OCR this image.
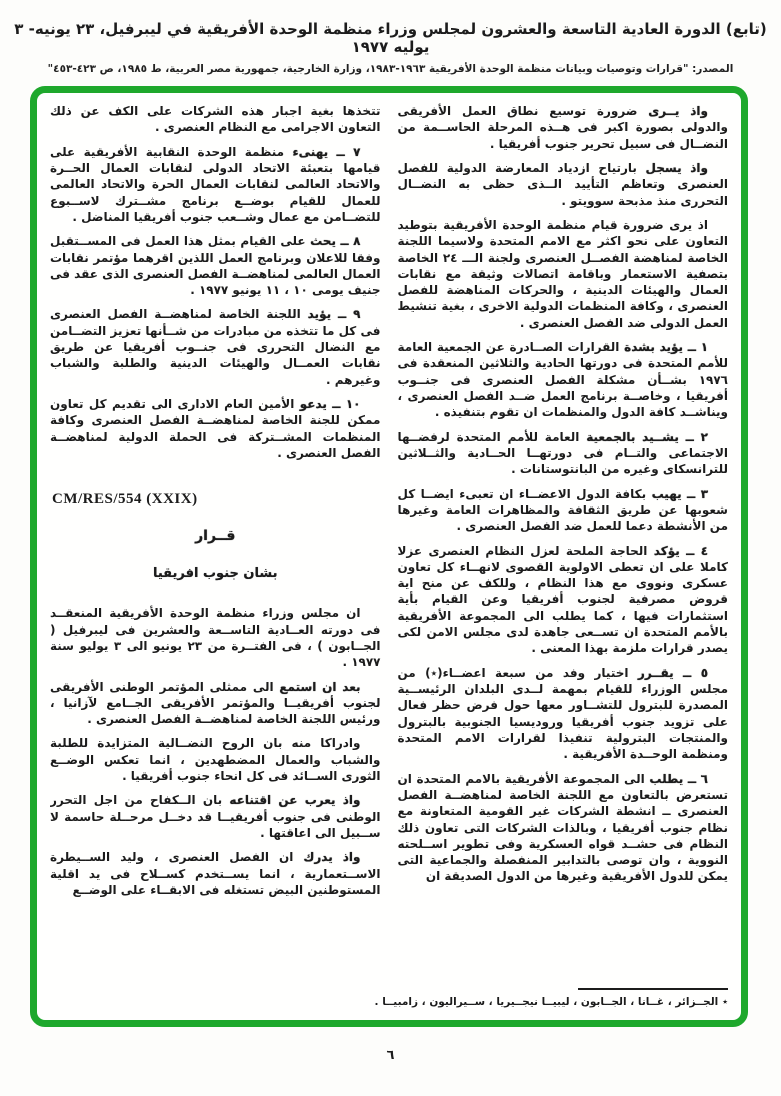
(تابع) الدورة العادية التاسعة والعشرون لمجلس وزراء منظمة الوحدة الأفريقية في ليبرفيل، ٢٣ يونيه- ٣ يوليه ١٩٧٧
المصدر: "قرارات وتوصيات وبيانات منظمة الوحدة الأفريقية ١٩٦٣-١٩٨٣، وزارة الخارجية، جمهورية مصر العربية، ط ١٩٨٥، ص ٤٢٣-٤٥٣"

واذ يــرى ضرورة توسيع نطاق العمل الأفريقى والدولى بصورة اكبر فى هــذه المرحلة الحاســمة من النضــال فى سبيل تحرير جنوب أفريقيا .

واذ يسجل بارتياح ازدياد المعارضة الدولية للفصل العنصرى وتعاظم التأييد الــذى حظى به النضــال التحررى منذ مذبحة سوويتو .

اذ يرى ضرورة قيام منظمة الوحدة الأفريقية بتوطيد التعاون على نحو اكثر مع الامم المتحدة ولاسيما اللجنة الخاصة لمناهضة الفصــل العنصرى ولجنة الـــ ٢٤ الخاصة بتصفية الاستعمار وباقامة اتصالات وثيقة مع نقابات العمال والهيئات الدينية ، والحركات المناهضة للفصل العنصرى ، وكافة المنظمات الدولية الاخرى ، بغية تنشيط العمل الدولى ضد الفصل العنصرى .

١ ــ يؤيد بشدة القرارات الصــادرة عن الجمعية العامة للأمم المتحدة فى دورتها الحادية والثلاثين المنعقدة فى ١٩٧٦ بشــأن مشكلة الفصل العنصرى فى جنــوب أفريقيا ، وخاصــة برنامج العمل ضــد الفصل العنصرى ، ويناشــد كافة الدول والمنظمات ان تقوم بتنفيذه .

٢ ــ يشــيد بالجمعية العامة للأمم المتحدة لرفضــها الاجتماعى والتــام فى دورتهــا الحــادية والثــلاثين للترانسكاى وغيره من البانتوستانات .

٣ ــ يهيب بكافة الدول الاعضــاء ان تعبىء ايضــا كل شعوبها عن طريق الثقافة والمظاهرات العامة وغيرها من الأنشطة دعما للعمل ضد الفصل العنصرى .

٤ ــ يؤكد الحاجة الملحة لعزل النظام العنصرى عزلا كاملا على ان تعطى الاولوية القصوى لانهــاء كل تعاون عسكرى ونووى مع هذا النظام ، وللكف عن منح اية قروض مصرفية لجنوب أفريقيا وعن القيام بأية استثمارات فيها ، كما يطلب الى المجموعة الأفريقية بالأمم المتحدة ان تســعى جاهدة لدى مجلس الامن لكى يصدر قرارات ملزمة بهذا المعنى .

٥ ــ يقــرر اختيار وفد من سبعة اعضــاء(٭) من مجلس الوزراء للقيام بمهمة لــدى البلدان الرئيســية المصدرة للبترول للتشــاور معها حول فرض حظر فعال على تزويد جنوب أفريقيا وروديسيا الجنوبية بالبترول والمنتجات البترولية تنفيذا لقرارات الامم المتحدة ومنظمة الوحــدة الأفريقية .

٦ ــ يطلب الى المجموعة الأفريقية بالامم المتحدة ان تستعرض بالتعاون مع اللجنة الخاصة لمناهضــة الفصل العنصرى ــ انشطة الشركات غير القومية المتعاونة مع نظام جنوب أفريقيا ، وبالذات الشركات التى تعاون ذلك النظام فى حشــد قواه العسكرية وفى تطوير اســلحته النووية ، وان توصى بالتدابير المنفصلة والجماعية التى يمكن للدول الأفريقية وغيرها من الدول الصديقة ان

تتخذها بغية اجبار هذه الشركات على الكف عن ذلك التعاون الاجرامى مع النظام العنصرى .

٧ ــ يهنىء منظمة الوحدة النقابية الأفريقية على قيامها بتعبئة الاتحاد الدولى لنقابات العمال الحــرة والاتحاد العالمى لنقابات العمال الحرة والاتحاد العالمى للعمال للقيام بوضــع برنامج مشــترك لاســبوع للتضــامن مع عمال وشــعب جنوب أفريقيا المناضل .

٨ ــ يحث على القيام بمثل هذا العمل فى المســتقبل وفقا للاعلان وبرنامج العمل اللذين اقرهما مؤتمر نقابات العمال العالمى لمناهضــة الفصل العنصرى الذى عقد فى جنيف يومى ١٠ ، ١١ يونيو ١٩٧٧ .

٩ ــ يؤيد اللجنة الخاصة لمناهضــة الفصل العنصرى فى كل ما تتخذه من مبادرات من شــأنها تعزيز التضــامن مع النضال التحررى فى جنــوب أفريقيا عن طريق نقابات العمــال والهيئات الدينية والطلبة والشباب وغيرهم .

١٠ ــ يدعو الأمين العام الادارى الى تقديم كل تعاون ممكن للجنة الخاصة لمناهضــة الفصل العنصرى وكافة المنظمات المشــتركة فى الحملة الدولية لمناهضــة الفصل العنصرى .

CM/RES/554 (XXIX)
قــرار
بشان جنوب افريقيا

ان مجلس وزراء منظمة الوحدة الأفريقية المنعقــد فى دورته العــادية التاســعة والعشرين فى ليبرفيل ( الجــابون ) ، فى الفتــرة من ٢٣ يونيو الى ٣ يوليو سنة ١٩٧٧ .

بعد ان استمع الى ممثلى المؤتمر الوطنى الأفريقى لجنوب أفريقيــا والمؤتمر الأفريقى الجــامع لآزانيا ، ورئيس اللجنة الخاصة لمناهضــة الفصل العنصرى .

وادراكا منه بان الروح النضــالية المتزايدة للطلبة والشباب والعمال المضطهدين ، انما تعكس الوضــع الثورى الســائد فى كل انحاء جنوب أفريقيا .

واذ يعرب عن اقتناعه بان الــكفاح من اجل التحرر الوطنى فى جنوب أفريقيــا قد دخــل مرحــلة حاسمة لا ســبيل الى اعاقتها .

واذ يدرك ان الفصل العنصرى ، وليد الســيطرة الاســتعمارية ، انما يســتخدم كســلاح فى يد اقلية المستوطنين البيض تستغله فى الابقــاء على الوضــع

٭الجــزائر ، غــانا ، الجــابون ، ليبيــا نيجــيريا ، ســيراليون ، زامبيــا .
٦
